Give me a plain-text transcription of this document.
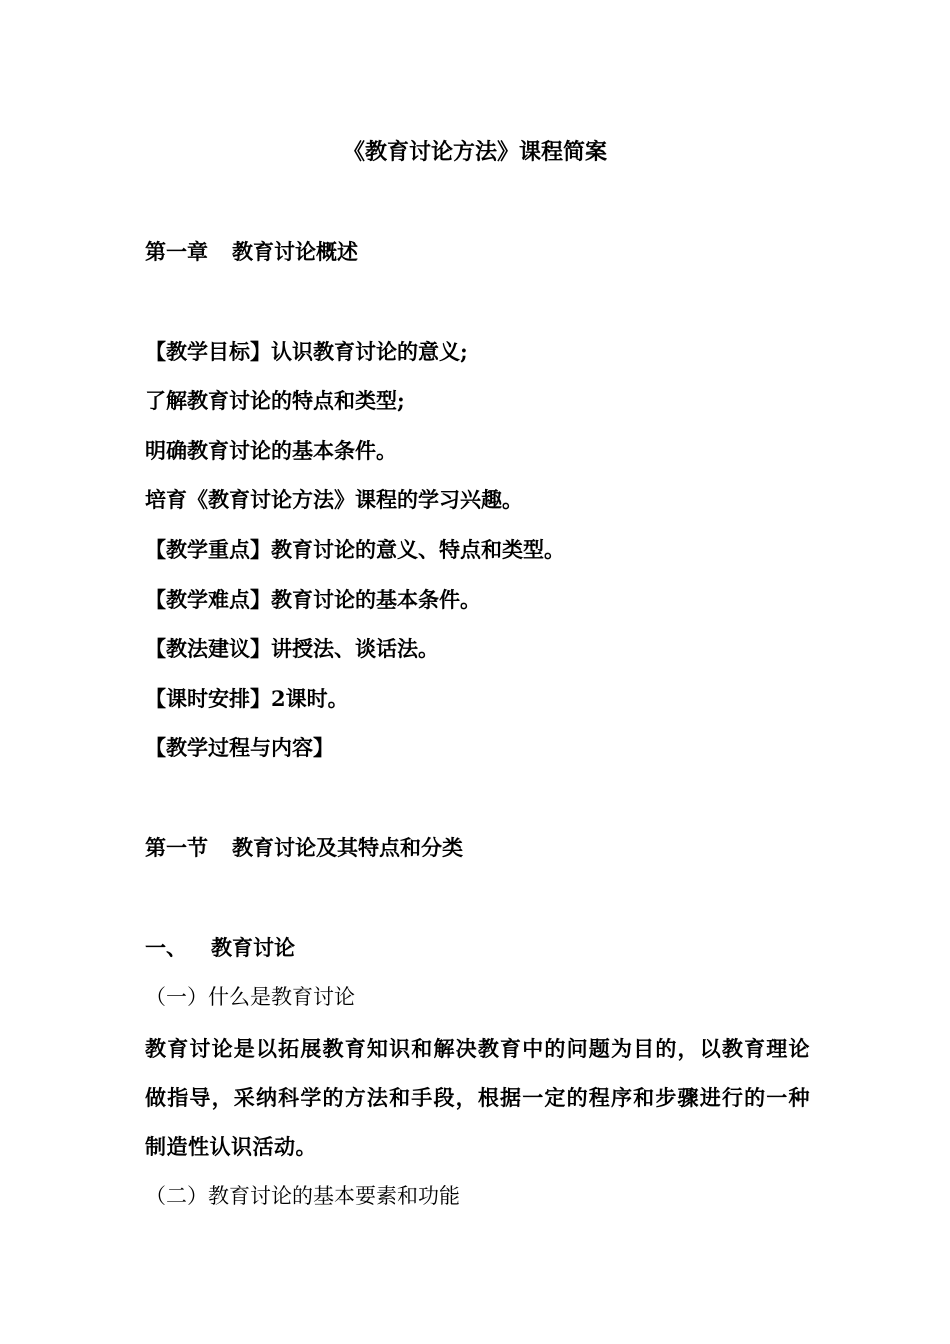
《教育讨论方法》课程简案
第一章 教育讨论概述
【教学目标】认识教育讨论的意义;
了解教育讨论的特点和类型;
明确教育讨论的基本条件。
培育《教育讨论方法》课程的学习兴趣。
【教学重点】教育讨论的意义、特点和类型。
【教学难点】教育讨论的基本条件。
【教法建议】讲授法、谈话法。
【课时安排】2课时。
【教学过程与内容】
第一节 教育讨论及其特点和分类
一、 教育讨论
（一）什么是教育讨论
教育讨论是以拓展教育知识和解决教育中的问题为目的，以教育理论做指导，采纳科学的方法和手段，根据一定的程序和步骤进行的一种制造性认识活动。
（二）教育讨论的基本要素和功能
